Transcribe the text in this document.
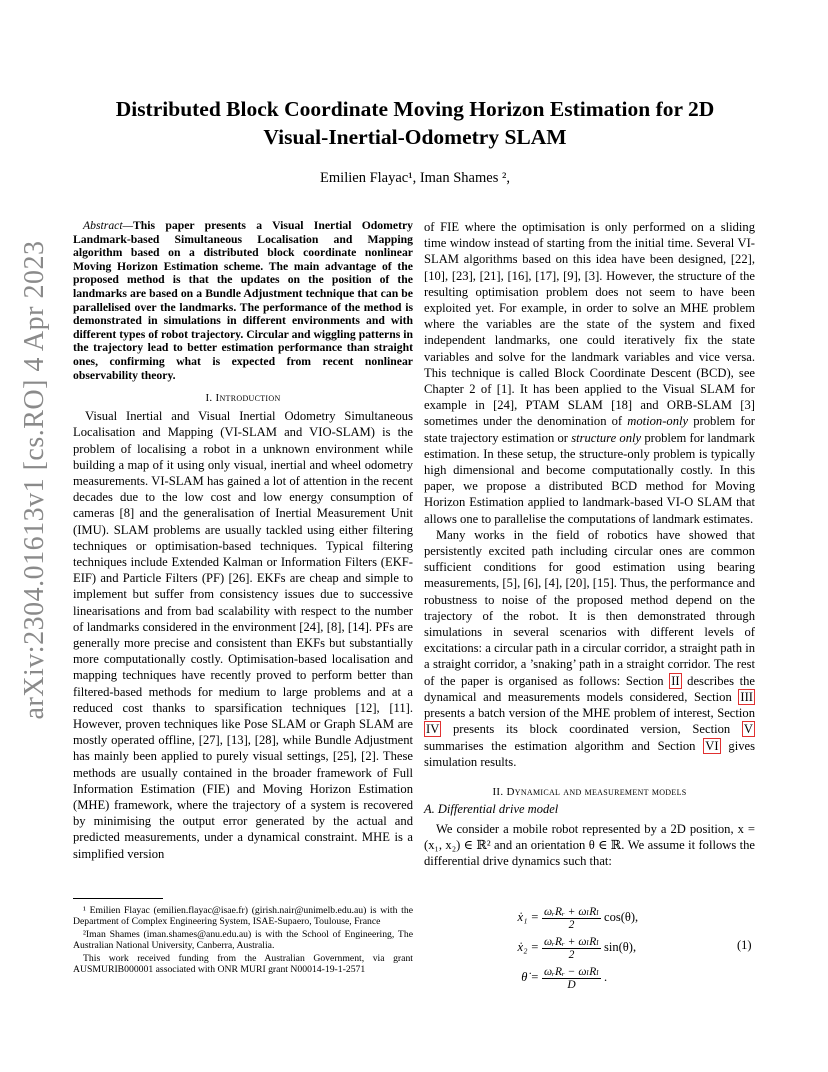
arXiv:2304.01613v1 [cs.RO] 4 Apr 2023
Distributed Block Coordinate Moving Horizon Estimation for 2D Visual-Inertial-Odometry SLAM
Emilien Flayac¹, Iman Shames ²,

Abstract—This paper presents a Visual Inertial Odometry Landmark-based Simultaneous Localisation and Mapping algorithm based on a distributed block coordinate nonlinear Moving Horizon Estimation scheme. The main advantage of the proposed method is that the updates on the position of the landmarks are based on a Bundle Adjustment technique that can be parallelised over the landmarks. The performance of the method is demonstrated in simulations in different environments and with different types of robot trajectory. Circular and wiggling patterns in the trajectory lead to better estimation performance than straight ones, confirming what is expected from recent nonlinear observability theory.

I. Introduction

Visual Inertial and Visual Inertial Odometry Simultaneous Localisation and Mapping (VI-SLAM and VIO-SLAM) is the problem of localising a robot in a unknown environment while building a map of it using only visual, inertial and wheel odometry measurements. VI-SLAM has gained a lot of attention in the recent decades due to the low cost and low energy consumption of cameras [8] and the generalisation of Inertial Measurement Unit (IMU). SLAM problems are usually tackled using either filtering techniques or optimisation-based techniques. Typical filtering techniques include Extended Kalman or Information Filters (EKF-EIF) and Particle Filters (PF) [26]. EKFs are cheap and simple to implement but suffer from consistency issues due to successive linearisations and from bad scalability with respect to the number of landmarks considered in the environment [24], [8], [14]. PFs are generally more precise and consistent than EKFs but substantially more computationally costly. Optimisation-based localisation and mapping techniques have recently proved to perform better than filtered-based methods for medium to large problems and at a reduced cost thanks to sparsification techniques [12], [11]. However, proven techniques like Pose SLAM or Graph SLAM are mostly operated offline, [27], [13], [28], while Bundle Adjustment has mainly been applied to purely visual settings, [25], [2]. These methods are usually contained in the broader framework of Full Information Estimation (FIE) and Moving Horizon Estimation (MHE) framework, where the trajectory of a system is recovered by minimising the output error generated by the actual and predicted measurements, under a dynamical constraint. MHE is a simplified version

of FIE where the optimisation is only performed on a sliding time window instead of starting from the initial time. Several VI-SLAM algorithms based on this idea have been designed, [22], [10], [23], [21], [16], [17], [9], [3]. However, the structure of the resulting optimisation problem does not seem to have been exploited yet. For example, in order to solve an MHE problem where the variables are the state of the system and fixed independent landmarks, one could iteratively fix the state variables and solve for the landmark variables and vice versa. This technique is called Block Coordinate Descent (BCD), see Chapter 2 of [1]. It has been applied to the Visual SLAM for example in [24], PTAM SLAM [18] and ORB-SLAM [3] sometimes under the denomination of motion-only problem for state trajectory estimation or structure only problem for landmark estimation. In these setup, the structure-only problem is typically high dimensional and become computationally costly. In this paper, we propose a distributed BCD method for Moving Horizon Estimation applied to landmark-based VI-O SLAM that allows one to parallelise the computations of landmark estimates.

Many works in the field of robotics have showed that persistently excited path including circular ones are common sufficient conditions for good estimation using bearing measurements, [5], [6], [4], [20], [15]. Thus, the performance and robustness to noise of the proposed method depend on the trajectory of the robot. It is then demonstrated through simulations in several scenarios with different levels of excitations: a circular path in a circular corridor, a straight path in a straight corridor, a ’snaking’ path in a straight corridor. The rest of the paper is organised as follows: Section II describes the dynamical and measurements models considered, Section III presents a batch version of the MHE problem of interest, Section IV presents its block coordinated version, Section V summarises the estimation algorithm and Section VI gives simulation results.

II. Dynamical and measurement models
A. Differential drive model

We consider a mobile robot represented by a 2D position, x = (x₁, x₂) ∈ ℝ² and an orientation θ ∈ ℝ. We assume it follows the differential drive dynamics such that:

ẋ₁ = $\frac{\text{ωᵣRᵣ + ωₗRₗ}}{2} \cos(\theta)$,
ẋ₂ = $\frac{\text{ωᵣRᵣ + ωₗRₗ}}{2} \sin(\theta)$,
θ̇ = $\frac{\text{ωᵣRᵣ − ωₗRₗ}}{D}$ .
(1)

¹ Emilien Flayac (emilien.flayac@isae.fr) (girish.nair@unimelb.edu.au) is with the Department of Complex Engineering System, ISAE-Supaero, Toulouse, France

²Iman Shames (iman.shames@anu.edu.au) is with the School of Engineering, The Australian National University, Canberra, Australia.

This work received funding from the Australian Government, via grant AUSMURIB000001 associated with ONR MURI grant N00014-19-1-2571
